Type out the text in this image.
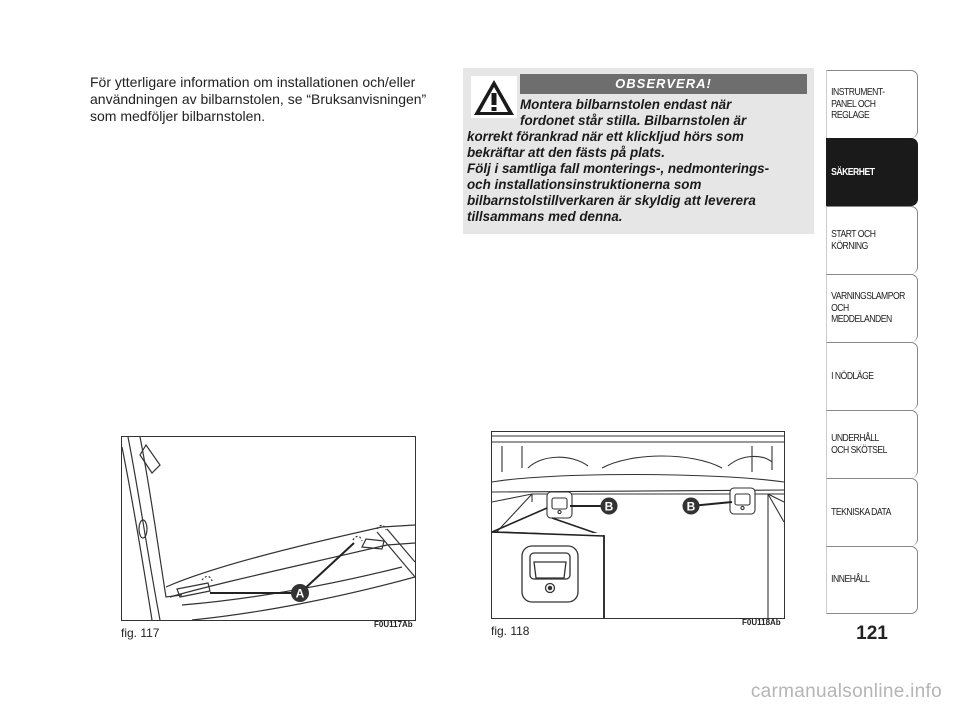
För ytterligare information om installationen och/eller
användningen av bilbarnstolen, se “Bruksanvisningen”
som medföljer bilbarnstolen.
OBSERVERA!
Montera bilbarnstolen endast när
fordonet står stilla. Bilbarnstolen är
korrekt förankrad när ett klickljud hörs som
bekräftar att den fästs på plats.
Följ i samtliga fall monterings-, nedmonterings-
och installationsinstruktionerna som
bilbarnstolstillverkaren är skyldig att leverera
tillsammans med denna.
A
fig. 117
F0U117Ab
B	B
fig. 118
F0U118Ab
INSTRUMENT-
PANEL OCH
REGLAGE
SÄKERHET
START OCH
KÖRNING
VARNINGSLAMPOR
OCH
MEDDELANDEN
I NÖDLÄGE
UNDERHÅLL
OCH SKÖTSEL
TEKNISKA DATA
INNEHÅLL
121
carmanualsonline.info
